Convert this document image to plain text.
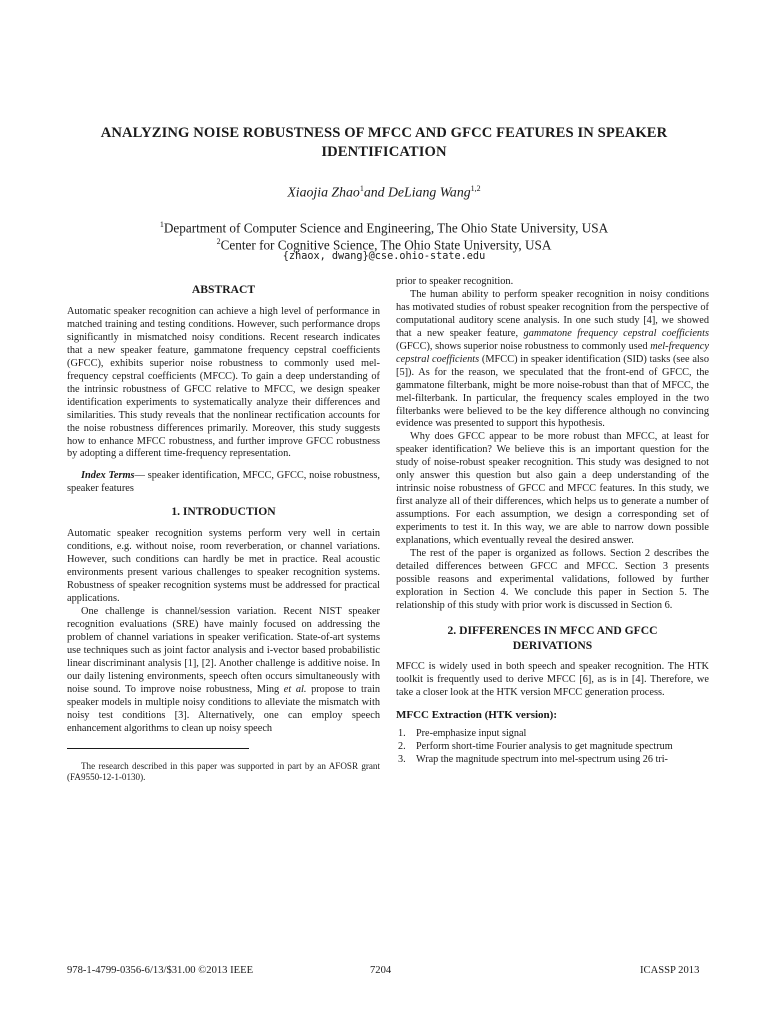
ANALYZING NOISE ROBUSTNESS OF MFCC AND GFCC FEATURES IN SPEAKER
IDENTIFICATION
Xiaojia Zhao$^1$and DeLiang Wang$^{1,2}$
$^1$Department of Computer Science and Engineering, The Ohio State University, USA
$^2$Center for Cognitive Science, The Ohio State University, USA
{zhaox, dwang}@cse.ohio-state.edu

ABSTRACT

Automatic speaker recognition can achieve a high level of performance in matched training and testing conditions. However, such performance drops significantly in mismatched noisy conditions. Recent research indicates that a new speaker feature, gammatone frequency cepstral coefficients (GFCC), exhibits superior noise robustness to commonly used mel-frequency cepstral coefficients (MFCC). To gain a deep understanding of the intrinsic robustness of GFCC relative to MFCC, we design speaker identification experiments to systematically analyze their differences and similarities. This study reveals that the nonlinear rectification accounts for the noise robustness differences primarily. Moreover, this study suggests how to enhance MFCC robustness, and further improve GFCC robustness by adopting a different time-frequency representation.

Index Terms— speaker identification, MFCC, GFCC, noise robustness, speaker features

1. INTRODUCTION

Automatic speaker recognition systems perform very well in certain conditions, e.g. without noise, room reverberation, or channel variations. However, such conditions can hardly be met in practice. Real acoustic environments present various challenges to speaker recognition systems. Robustness of speaker recognition systems must be addressed for practical applications.

One challenge is channel/session variation. Recent NIST speaker recognition evaluations (SRE) have mainly focused on addressing the problem of channel variations in speaker verification. State-of-art systems use techniques such as joint factor analysis and i-vector based probabilistic linear discriminant analysis [1], [2]. Another challenge is additive noise. In our daily listening environments, speech often occurs simultaneously with noise sound. To improve noise robustness, Ming et al. propose to train speaker models in multiple noisy conditions to alleviate the mismatch with noisy test conditions [3]. Alternatively, one can employ speech enhancement algorithms to clean up noisy speech

The research described in this paper was supported in part by an AFOSR grant (FA9550-12-1-0130).

prior to speaker recognition.

The human ability to perform speaker recognition in noisy conditions has motivated studies of robust speaker recognition from the perspective of computational auditory scene analysis. In one such study [4], we showed that a new speaker feature, gammatone frequency cepstral coefficients (GFCC), shows superior noise robustness to commonly used mel-frequency cepstral coefficients (MFCC) in speaker identification (SID) tasks (see also [5]). As for the reason, we speculated that the front-end of GFCC, the gammatone filterbank, might be more noise-robust than that of MFCC, the mel-filterbank. In particular, the frequency scales employed in the two filterbanks were believed to be the key difference although no convincing evidence was presented to support this hypothesis.

Why does GFCC appear to be more robust than MFCC, at least for speaker identification? We believe this is an important question for the study of noise-robust speaker recognition. This study was designed to not only answer this question but also gain a deep understanding of the intrinsic noise robustness of GFCC and MFCC features. In this study, we first analyze all of their differences, which helps us to generate a number of assumptions. For each assumption, we design a corresponding set of experiments to test it. In this way, we are able to narrow down possible explanations, which eventually reveal the desired answer.

The rest of the paper is organized as follows. Section 2 describes the detailed differences between GFCC and MFCC. Section 3 presents possible reasons and experimental validations, followed by further exploration in Section 4. We conclude this paper in Section 5. The relationship of this study with prior work is discussed in Section 6.

2. DIFFERENCES IN MFCC AND GFCC
DERIVATIONS

MFCC is widely used in both speech and speaker recognition. The HTK toolkit is frequently used to derive MFCC [6], as is in [4]. Therefore, we take a closer look at the HTK version MFCC generation process.

MFCC Extraction (HTK version):

1.	Pre-emphasize input signal
2.	Perform short-time Fourier analysis to get magnitude spectrum
3.	Wrap the magnitude spectrum into mel-spectrum using 26 tri-
978-1-4799-0356-6/13/$31.00 ©2013 IEEE	7204	ICASSP 2013
